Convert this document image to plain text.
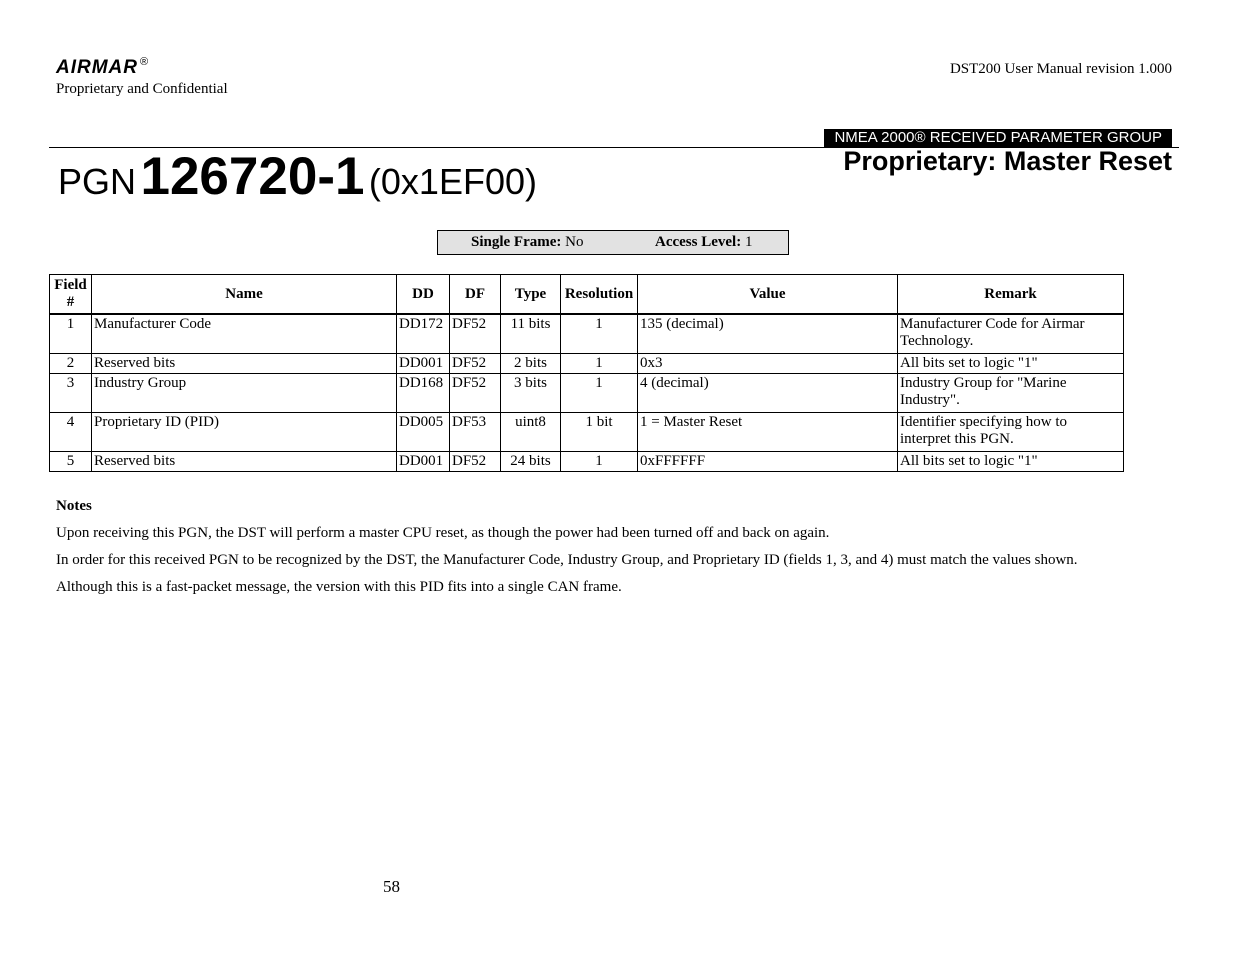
AIRMAR ®
Proprietary and Confidential
DST200 User Manual revision 1.000
NMEA 2000® RECEIVED PARAMETER GROUP
Proprietary: Master Reset
PGN 126720-1 (0x1EF00)
Single Frame: No	Access Level: 1
Field #	Name	DD	DF	Type	Resolution	Value	Remark
1	Manufacturer Code	DD172	DF52	11 bits	1	135 (decimal)	Manufacturer Code for Airmar Technology.
2	Reserved bits	DD001	DF52	2 bits	1	0x3	All bits set to logic "1"
3	Industry Group	DD168	DF52	3 bits	1	4 (decimal)	Industry Group for "Marine Industry".
4	Proprietary ID (PID)	DD005	DF53	uint8	1 bit	1 = Master Reset	Identifier specifying how to interpret this PGN.
5	Reserved bits	DD001	DF52	24 bits	1	0xFFFFFF	All bits set to logic "1"

Notes

Upon receiving this PGN, the DST will perform a master CPU reset, as though the power had been turned off and back on again.

In order for this received PGN to be recognized by the DST, the Manufacturer Code, Industry Group, and Proprietary ID (fields 1, 3, and 4) must match the values shown.

Although this is a fast-packet message, the version with this PID fits into a single CAN frame.

58
